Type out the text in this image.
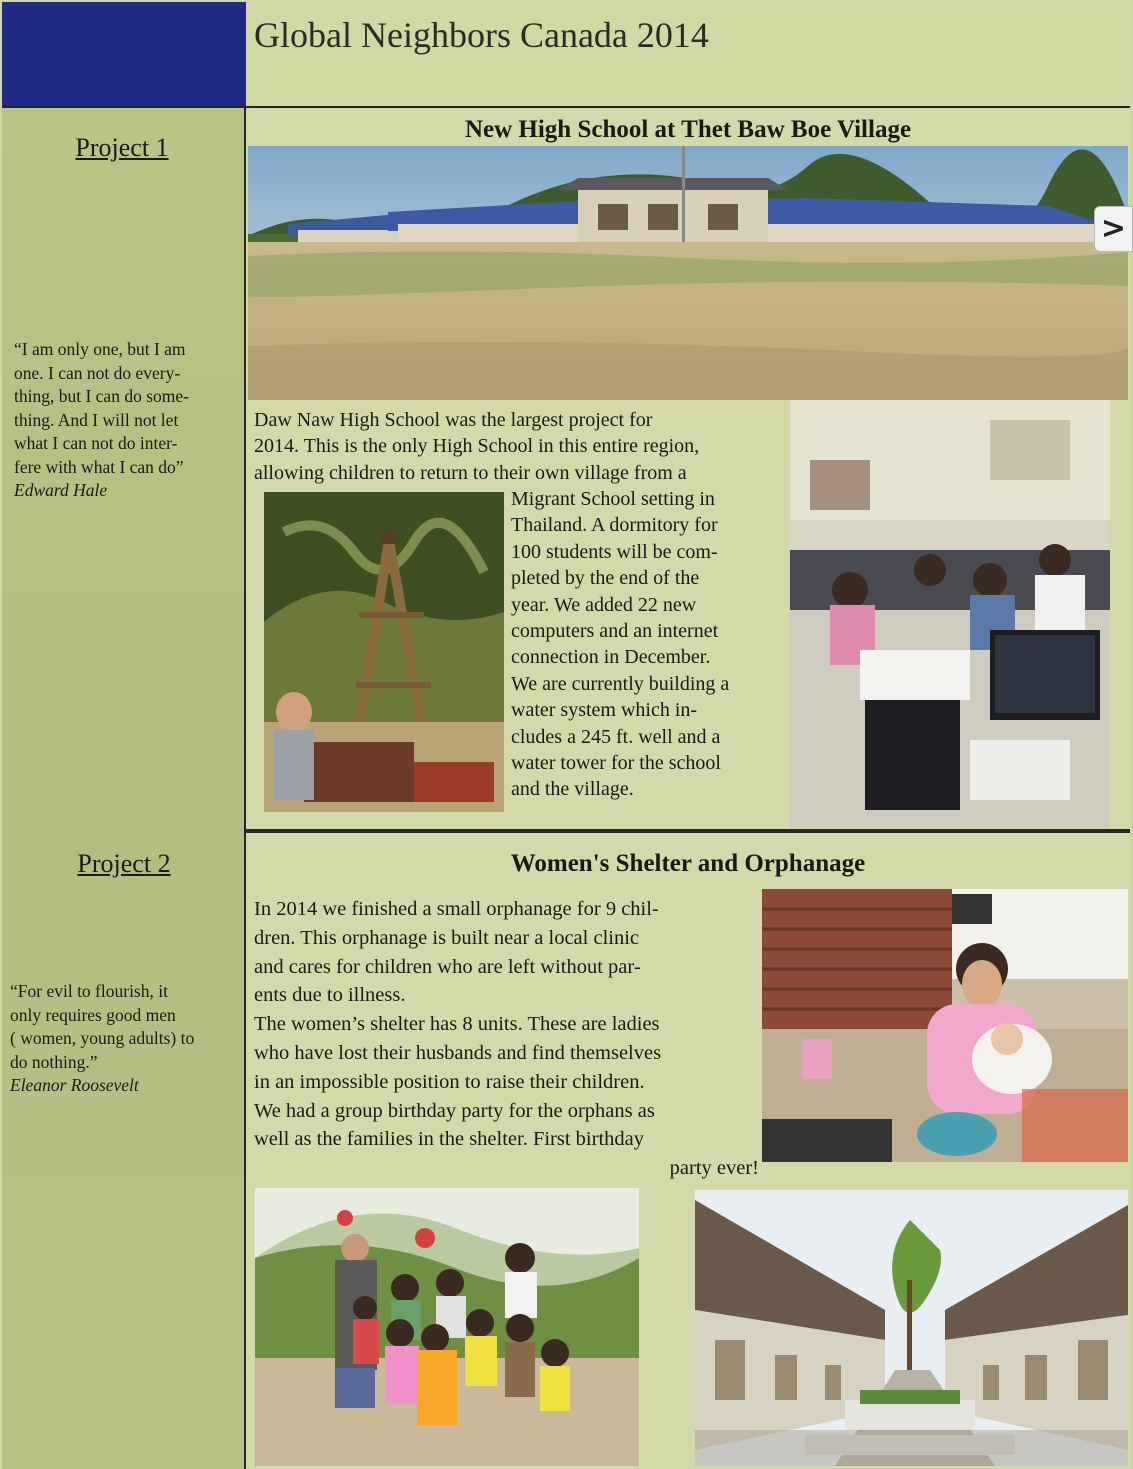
Global Neighbors Canada 2014
Project 1
“I am only one, but I am
one. I can not do every-
thing, but I can do some-
thing. And I will not let
what I can not do inter-
fere with what I can do”
Edward Hale
New High School at Thet Baw Boe Village
Daw Naw High School was the largest project for
2014. This is the only High School in this entire region,
allowing children to return to their own village from a
Migrant School setting in
Thailand. A dormitory for
100 students will be com-
pleted by the end of the
year. We added 22 new
computers and an internet
connection in December.
We are currently building a
water system which in-
cludes a 245 ft. well and a
water tower for the school
and the village.
Project 2
“For evil to flourish, it
only requires good men
( women, young adults) to
do nothing.”
Eleanor Roosevelt
Women's Shelter and Orphanage
In 2014 we finished a small orphanage for 9 chil-
dren. This orphanage is built near a local clinic
and cares for children who are left without par-
ents due to illness.
The women’s shelter has 8 units. These are ladies
who have lost their husbands and find themselves
in an impossible position to raise their children.
We had a group birthday party for the orphans as
well as the families in the shelter. First birthday
party ever!
>
